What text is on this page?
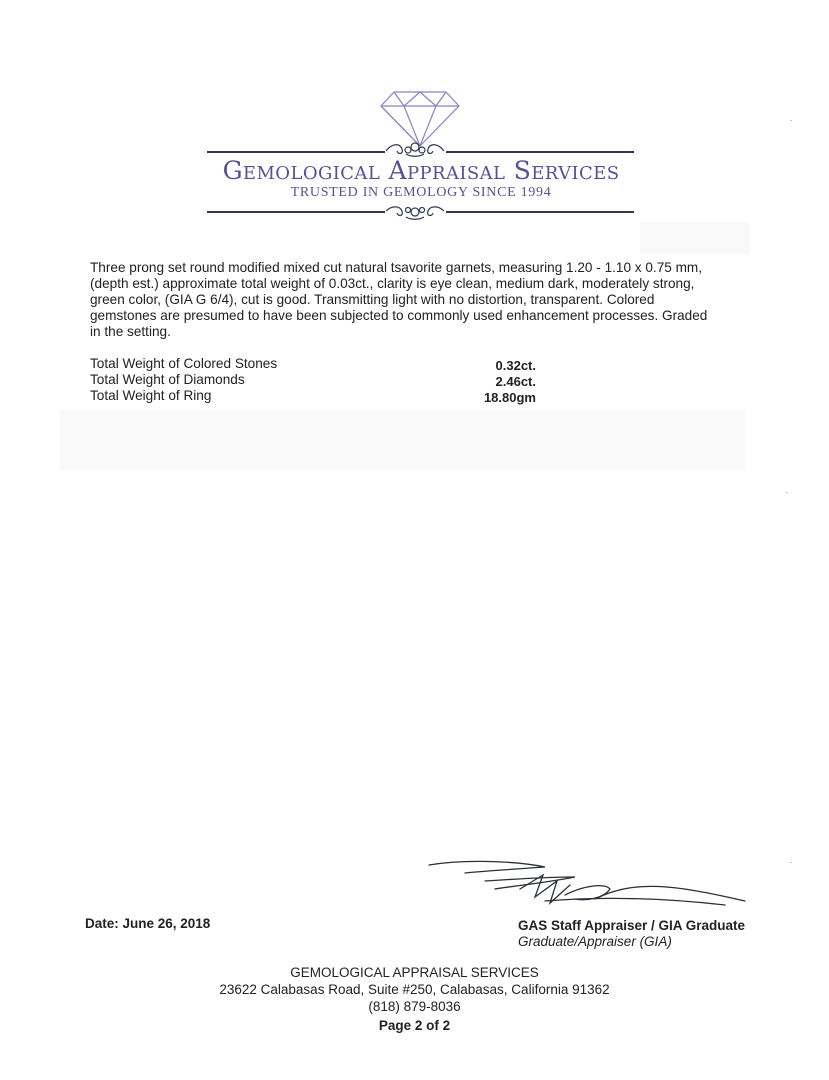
Gemological Appraisal Services
TRUSTED IN GEMOLOGY SINCE 1994
Three prong set round modified mixed cut natural tsavorite garnets, measuring 1.20 - 1.10 x 0.75 mm, (depth est.) approximate total weight of 0.03ct., clarity is eye clean, medium dark, moderately strong, green color, (GIA G 6/4), cut is good. Transmitting light with no distortion, transparent. Colored gemstones are presumed to have been subjected to commonly used enhancement processes. Graded in the setting.
Total Weight of Colored Stones	0.32ct.
Total Weight of Diamonds	2.46ct.
Total Weight of Ring	18.80gm
Date: June 26, 2018	GAS Staff Appraiser / GIA Graduate
Graduate/Appraiser (GIA)
GEMOLOGICAL APPRAISAL SERVICES
23622 Calabasas Road, Suite #250, Calabasas, California 91362
(818) 879-8036
Page 2 of 2
